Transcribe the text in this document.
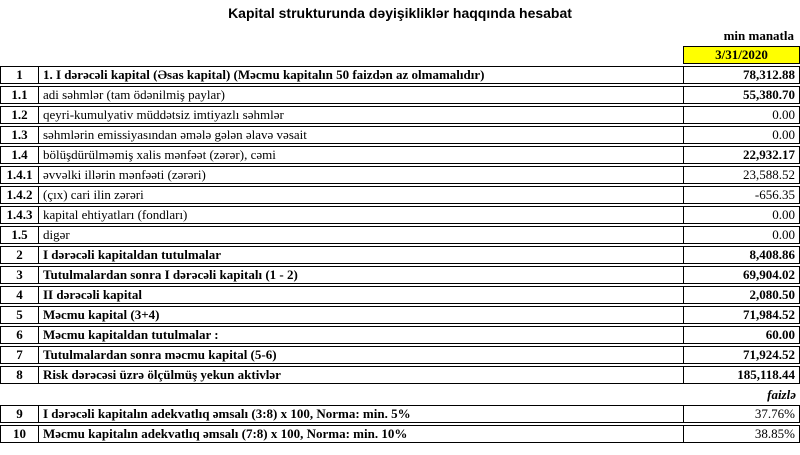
Kapital strukturunda dəyişikliklər haqqında hesabat
		min manatla
		3/31/2020
1	1. I dərəcəli kapital (Əsas kapital) (Məcmu kapitalın 50 faizdən az olmamalıdır)	78,312.88
1.1	adi səhmlər (tam ödənilmiş paylar)	55,380.70
1.2	qeyri-kumulyativ müddətsiz imtiyazlı səhmlər	0.00
1.3	səhmlərin emissiyasından əmələ gələn əlavə vəsait	0.00
1.4	bölüşdürülməmiş xalis mənfəət (zərər), cəmi	22,932.17
1.4.1	əvvəlki illərin mənfəəti (zərəri)	23,588.52
1.4.2	(çıx) cari ilin zərəri	-656.35
1.4.3	kapital ehtiyatları (fondları)	0.00
1.5	digər	0.00
2	I dərəcəli kapitaldan tutulmalar	8,408.86
3	Tutulmalardan sonra I dərəcəli kapitalı (1 - 2)	69,904.02
4	II dərəcəli kapital	2,080.50
5	Məcmu kapital (3+4)	71,984.52
6	Məcmu kapitaldan tutulmalar :	60.00
7	Tutulmalardan sonra məcmu kapital (5-6)	71,924.52
8	Risk dərəcəsi üzrə ölçülmüş yekun aktivlər	185,118.44
		faizlə
9	I dərəcəli kapitalın adekvatlıq əmsalı (3:8) x 100, Norma: min. 5%	37.76%
10	Məcmu kapitalın adekvatlıq əmsalı (7:8) x 100, Norma: min. 10%	38.85%
